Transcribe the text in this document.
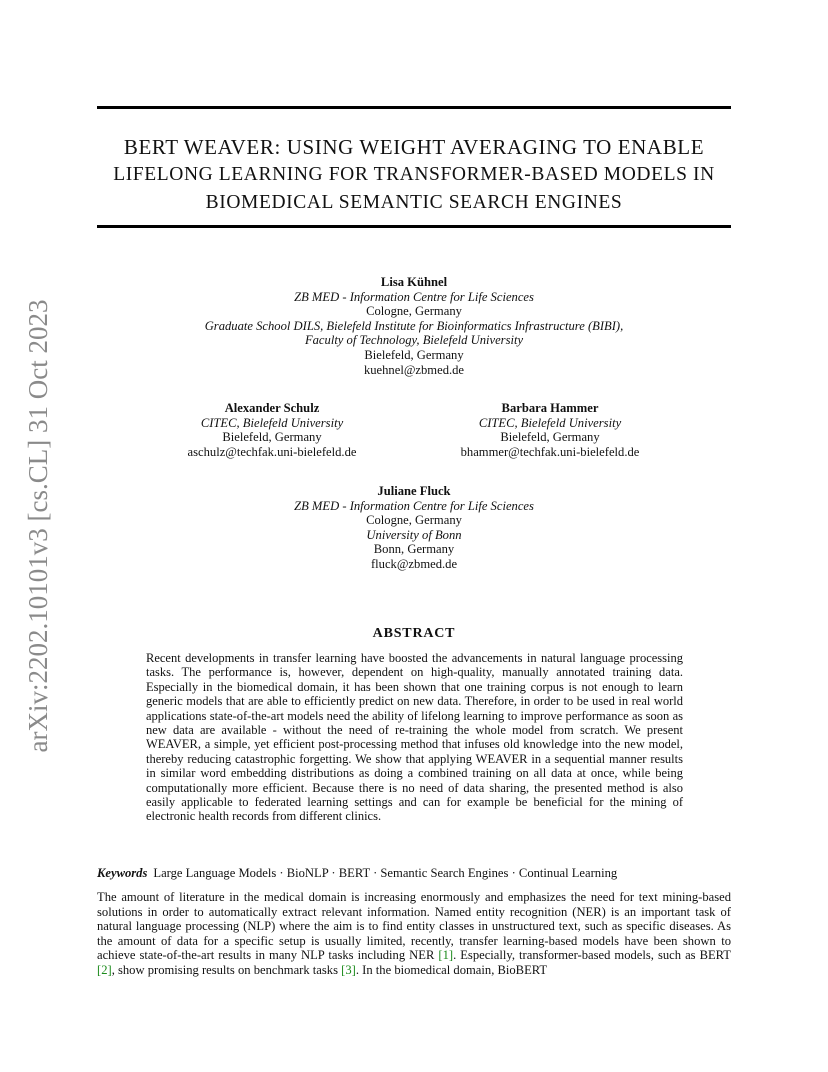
arXiv:2202.10101v3 [cs.CL] 31 Oct 2023
BERT WEAVER: USING WEIGHT AVERAGING TO ENABLE
LIFELONG LEARNING FOR TRANSFORMER-BASED MODELS IN
BIOMEDICAL SEMANTIC SEARCH ENGINES
Lisa Kühnel
ZB MED - Information Centre for Life Sciences
Cologne, Germany
Graduate School DILS, Bielefeld Institute for Bioinformatics Infrastructure (BIBI),
Faculty of Technology, Bielefeld University
Bielefeld, Germany
kuehnel@zbmed.de
Alexander Schulz
CITEC, Bielefeld University
Bielefeld, Germany
aschulz@techfak.uni-bielefeld.de
Barbara Hammer
CITEC, Bielefeld University
Bielefeld, Germany
bhammer@techfak.uni-bielefeld.de
Juliane Fluck
ZB MED - Information Centre for Life Sciences
Cologne, Germany
University of Bonn
Bonn, Germany
fluck@zbmed.de
ABSTRACT
Recent developments in transfer learning have boosted the advancements in natural language processing tasks. The performance is, however, dependent on high-quality, manually annotated training data. Especially in the biomedical domain, it has been shown that one training corpus is not enough to learn generic models that are able to efficiently predict on new data. Therefore, in order to be used in real world applications state-of-the-art models need the ability of lifelong learning to improve performance as soon as new data are available - without the need of re-training the whole model from scratch. We present WEAVER, a simple, yet efficient post-processing method that infuses old knowledge into the new model, thereby reducing catastrophic forgetting. We show that applying WEAVER in a sequential manner results in similar word embedding distributions as doing a combined training on all data at once, while being computationally more efficient. Because there is no need of data sharing, the presented method is also easily applicable to federated learning settings and can for example be beneficial for the mining of electronic health records from different clinics.
Keywords Large Language Models · BioNLP · BERT · Semantic Search Engines · Continual Learning
The amount of literature in the medical domain is increasing enormously and emphasizes the need for text mining-based solutions in order to automatically extract relevant information. Named entity recognition (NER) is an important task of natural language processing (NLP) where the aim is to find entity classes in unstructured text, such as specific diseases. As the amount of data for a specific setup is usually limited, recently, transfer learning-based models have been shown to achieve state-of-the-art results in many NLP tasks including NER [1]. Especially, transformer-based models, such as BERT [2], show promising results on benchmark tasks [3]. In the biomedical domain, BioBERT
